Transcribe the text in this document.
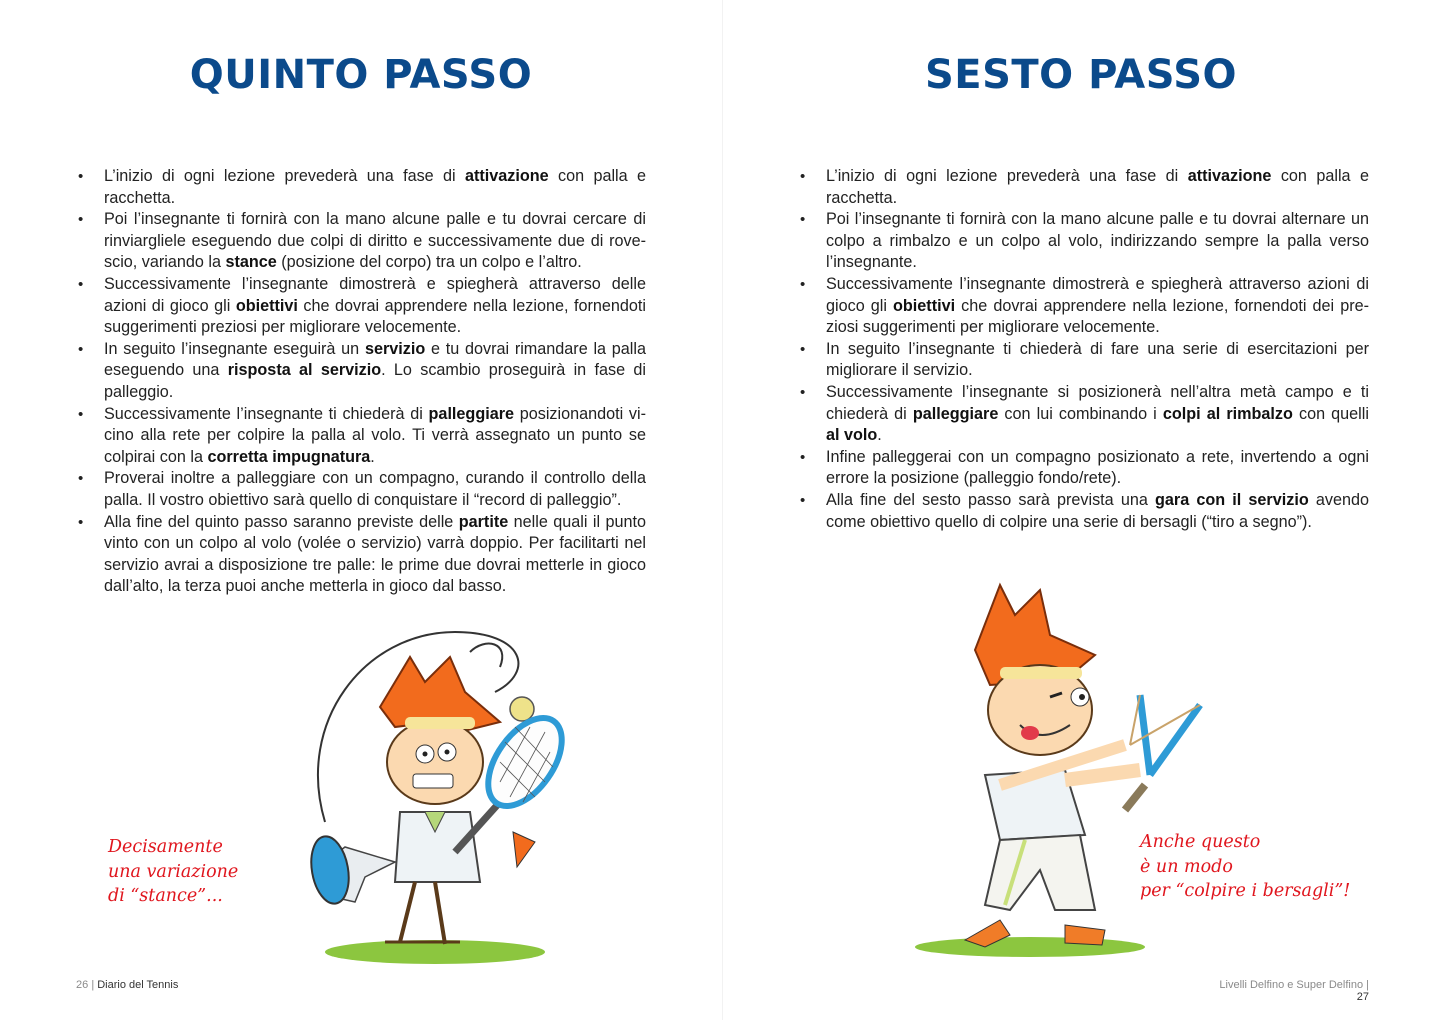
QUINTO PASSO
• L’inizio di ogni lezione prevederà una fase di attivazione con palla e racchetta.
• Poi l’insegnante ti fornirà con la mano alcune palle e tu dovrai cercare di rinviargliele eseguendo due colpi di diritto e successivamente due di rove-scio, variando la stance (posizione del corpo) tra un colpo e l’altro.
• Successivamente l’insegnante dimostrerà e spiegherà attraverso delle azioni di gioco gli obiettivi che dovrai apprendere nella lezione, fornendoti suggerimenti preziosi per migliorare velocemente.
• In seguito l’insegnante eseguirà un servizio e tu dovrai rimandare la palla eseguendo una risposta al servizio. Lo scambio proseguirà in fase di palleggio.
• Successivamente l’insegnante ti chiederà di palleggiare posizionandoti vi-cino alla rete per colpire la palla al volo. Ti verrà assegnato un punto se colpirai con la corretta impugnatura.
• Proverai inoltre a palleggiare con un compagno, curando il controllo della palla. Il vostro obiettivo sarà quello di conquistare il “record di palleggio”.
• Alla fine del quinto passo saranno previste delle partite nelle quali il punto vinto con un colpo al volo (volée o servizio) varrà doppio. Per facilitarti nel servizio avrai a disposizione tre palle: le prime due dovrai metterle in gioco dall’alto, la terza puoi anche metterla in gioco dal basso.
Decisamente
una variazione
di “stance”...
26 | Diario del Tennis
SESTO PASSO
• L’inizio di ogni lezione prevederà una fase di attivazione con palla e racchetta.
• Poi l’insegnante ti fornirà con la mano alcune palle e tu dovrai alternare un colpo a rimbalzo e un colpo al volo, indirizzando sempre la palla verso l’insegnante.
• Successivamente l’insegnante dimostrerà e spiegherà attraverso azioni di gioco gli obiettivi che dovrai apprendere nella lezione, fornendoti dei pre-ziosi suggerimenti per migliorare velocemente.
• In seguito l’insegnante ti chiederà di fare una serie di esercitazioni per migliorare il servizio.
• Successivamente l’insegnante si posizionerà nell’altra metà campo e ti chiederà di palleggiare con lui combinando i colpi al rimbalzo con quelli al volo.
• Infine palleggerai con un compagno posizionato a rete, invertendo a ogni errore la posizione (palleggio fondo/rete).
• Alla fine del sesto passo sarà prevista una gara con il servizio avendo come obiettivo quello di colpire una serie di bersagli (“tiro a segno”).
Anche questo
è un modo
per “colpire i bersagli”!
Livelli Delfino e Super Delfino | 27
